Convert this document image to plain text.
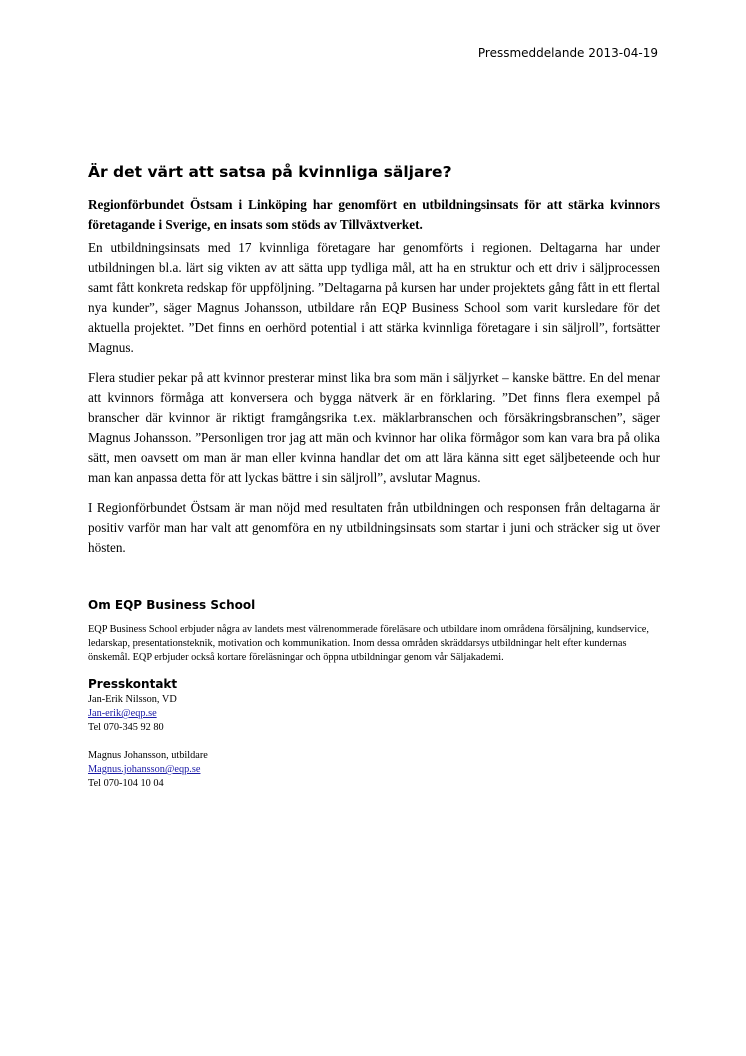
Pressmeddelande 2013-04-19
Är det värt att satsa på kvinnliga säljare?

Regionförbundet Östsam i Linköping har genomfört en utbildningsinsats för att stärka kvinnors företagande i Sverige, en insats som stöds av Tillväxtverket.

En utbildningsinsats med 17 kvinnliga företagare har genomförts i regionen. Deltagarna har under utbildningen bl.a. lärt sig vikten av att sätta upp tydliga mål, att ha en struktur och ett driv i säljprocessen samt fått konkreta redskap för uppföljning. ”Deltagarna på kursen har under projektets gång fått in ett flertal nya kunder”, säger Magnus Johansson, utbildare rån EQP Business School som varit kursledare för det aktuella projektet. ”Det finns en oerhörd potential i att stärka kvinnliga företagare i sin säljroll”, fortsätter Magnus.

Flera studier pekar på att kvinnor presterar minst lika bra som män i säljyrket – kanske bättre. En del menar att kvinnors förmåga att konversera och bygga nätverk är en förklaring. ”Det finns flera exempel på branscher där kvinnor är riktigt framgångsrika t.ex. mäklarbranschen och försäkringsbranschen”, säger Magnus Johansson. ”Personligen tror jag att män och kvinnor har olika förmågor som kan vara bra på olika sätt, men oavsett om man är man eller kvinna handlar det om att lära känna sitt eget säljbeteende och hur man kan anpassa detta för att lyckas bättre i sin säljroll”, avslutar Magnus.

I Regionförbundet Östsam är man nöjd med resultaten från utbildningen och responsen från deltagarna är positiv varför man har valt att genomföra en ny utbildningsinsats som startar i juni och sträcker sig ut över hösten.

Om EQP Business School

EQP Business School erbjuder några av landets mest välrenommerade föreläsare och utbildare inom områdena försäljning, kundservice, ledarskap, presentationsteknik, motivation och kommunikation. Inom dessa områden skräddarsys utbildningar helt efter kundernas önskemål. EQP erbjuder också kortare föreläsningar och öppna utbildningar genom vår Säljakademi.

Presskontakt
Jan-Erik Nilsson, VD
Jan-erik@eqp.se
Tel 070-345 92 80
Magnus Johansson, utbildare
Magnus.johansson@eqp.se
Tel 070-104 10 04
